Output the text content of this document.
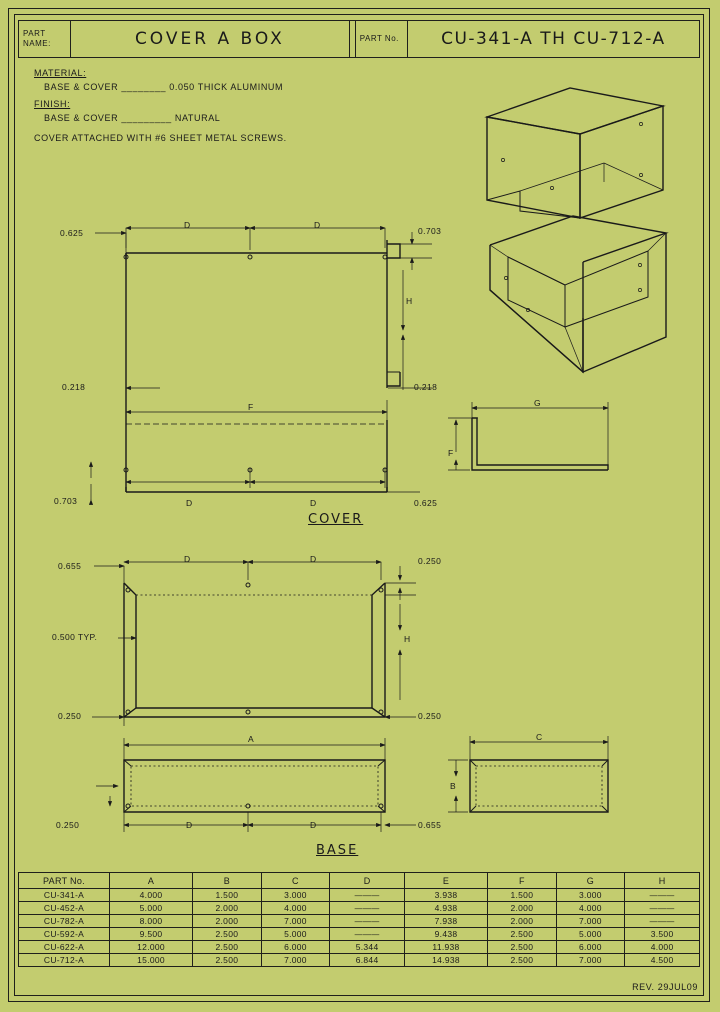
PART NAME:	COVER A BOX	PART No.	CU-341-A TH CU-712-A
MATERIAL:
BASE & COVER ________ 0.050 THICK ALUMINUM
FINISH:
BASE & COVER _________ NATURAL
COVER ATTACHED WITH #6 SHEET METAL SCREWS.
0.625
D	D
0.703
H
0.218	0.218
F
0.703	D	D	0.625
G
F
COVER
0.655
D	D	0.250
0.500 TYP.	H
0.250	0.250
A
0.250	D	D	0.655
C
B
BASE
PART No.	A	B	C	D	E	F	G	H
CU-341-A	4.000	1.500	3.000	———	3.938	1.500	3.000	———
CU-452-A	5.000	2.000	4.000	———	4.938	2.000	4.000	———
CU-782-A	8.000	2.000	7.000	———	7.938	2.000	7.000	———
CU-592-A	9.500	2.500	5.000	———	9.438	2.500	5.000	3.500
CU-622-A	12.000	2.500	6.000	5.344	11.938	2.500	6.000	4.000
CU-712-A	15.000	2.500	7.000	6.844	14.938	2.500	7.000	4.500
REV. 29JUL09
